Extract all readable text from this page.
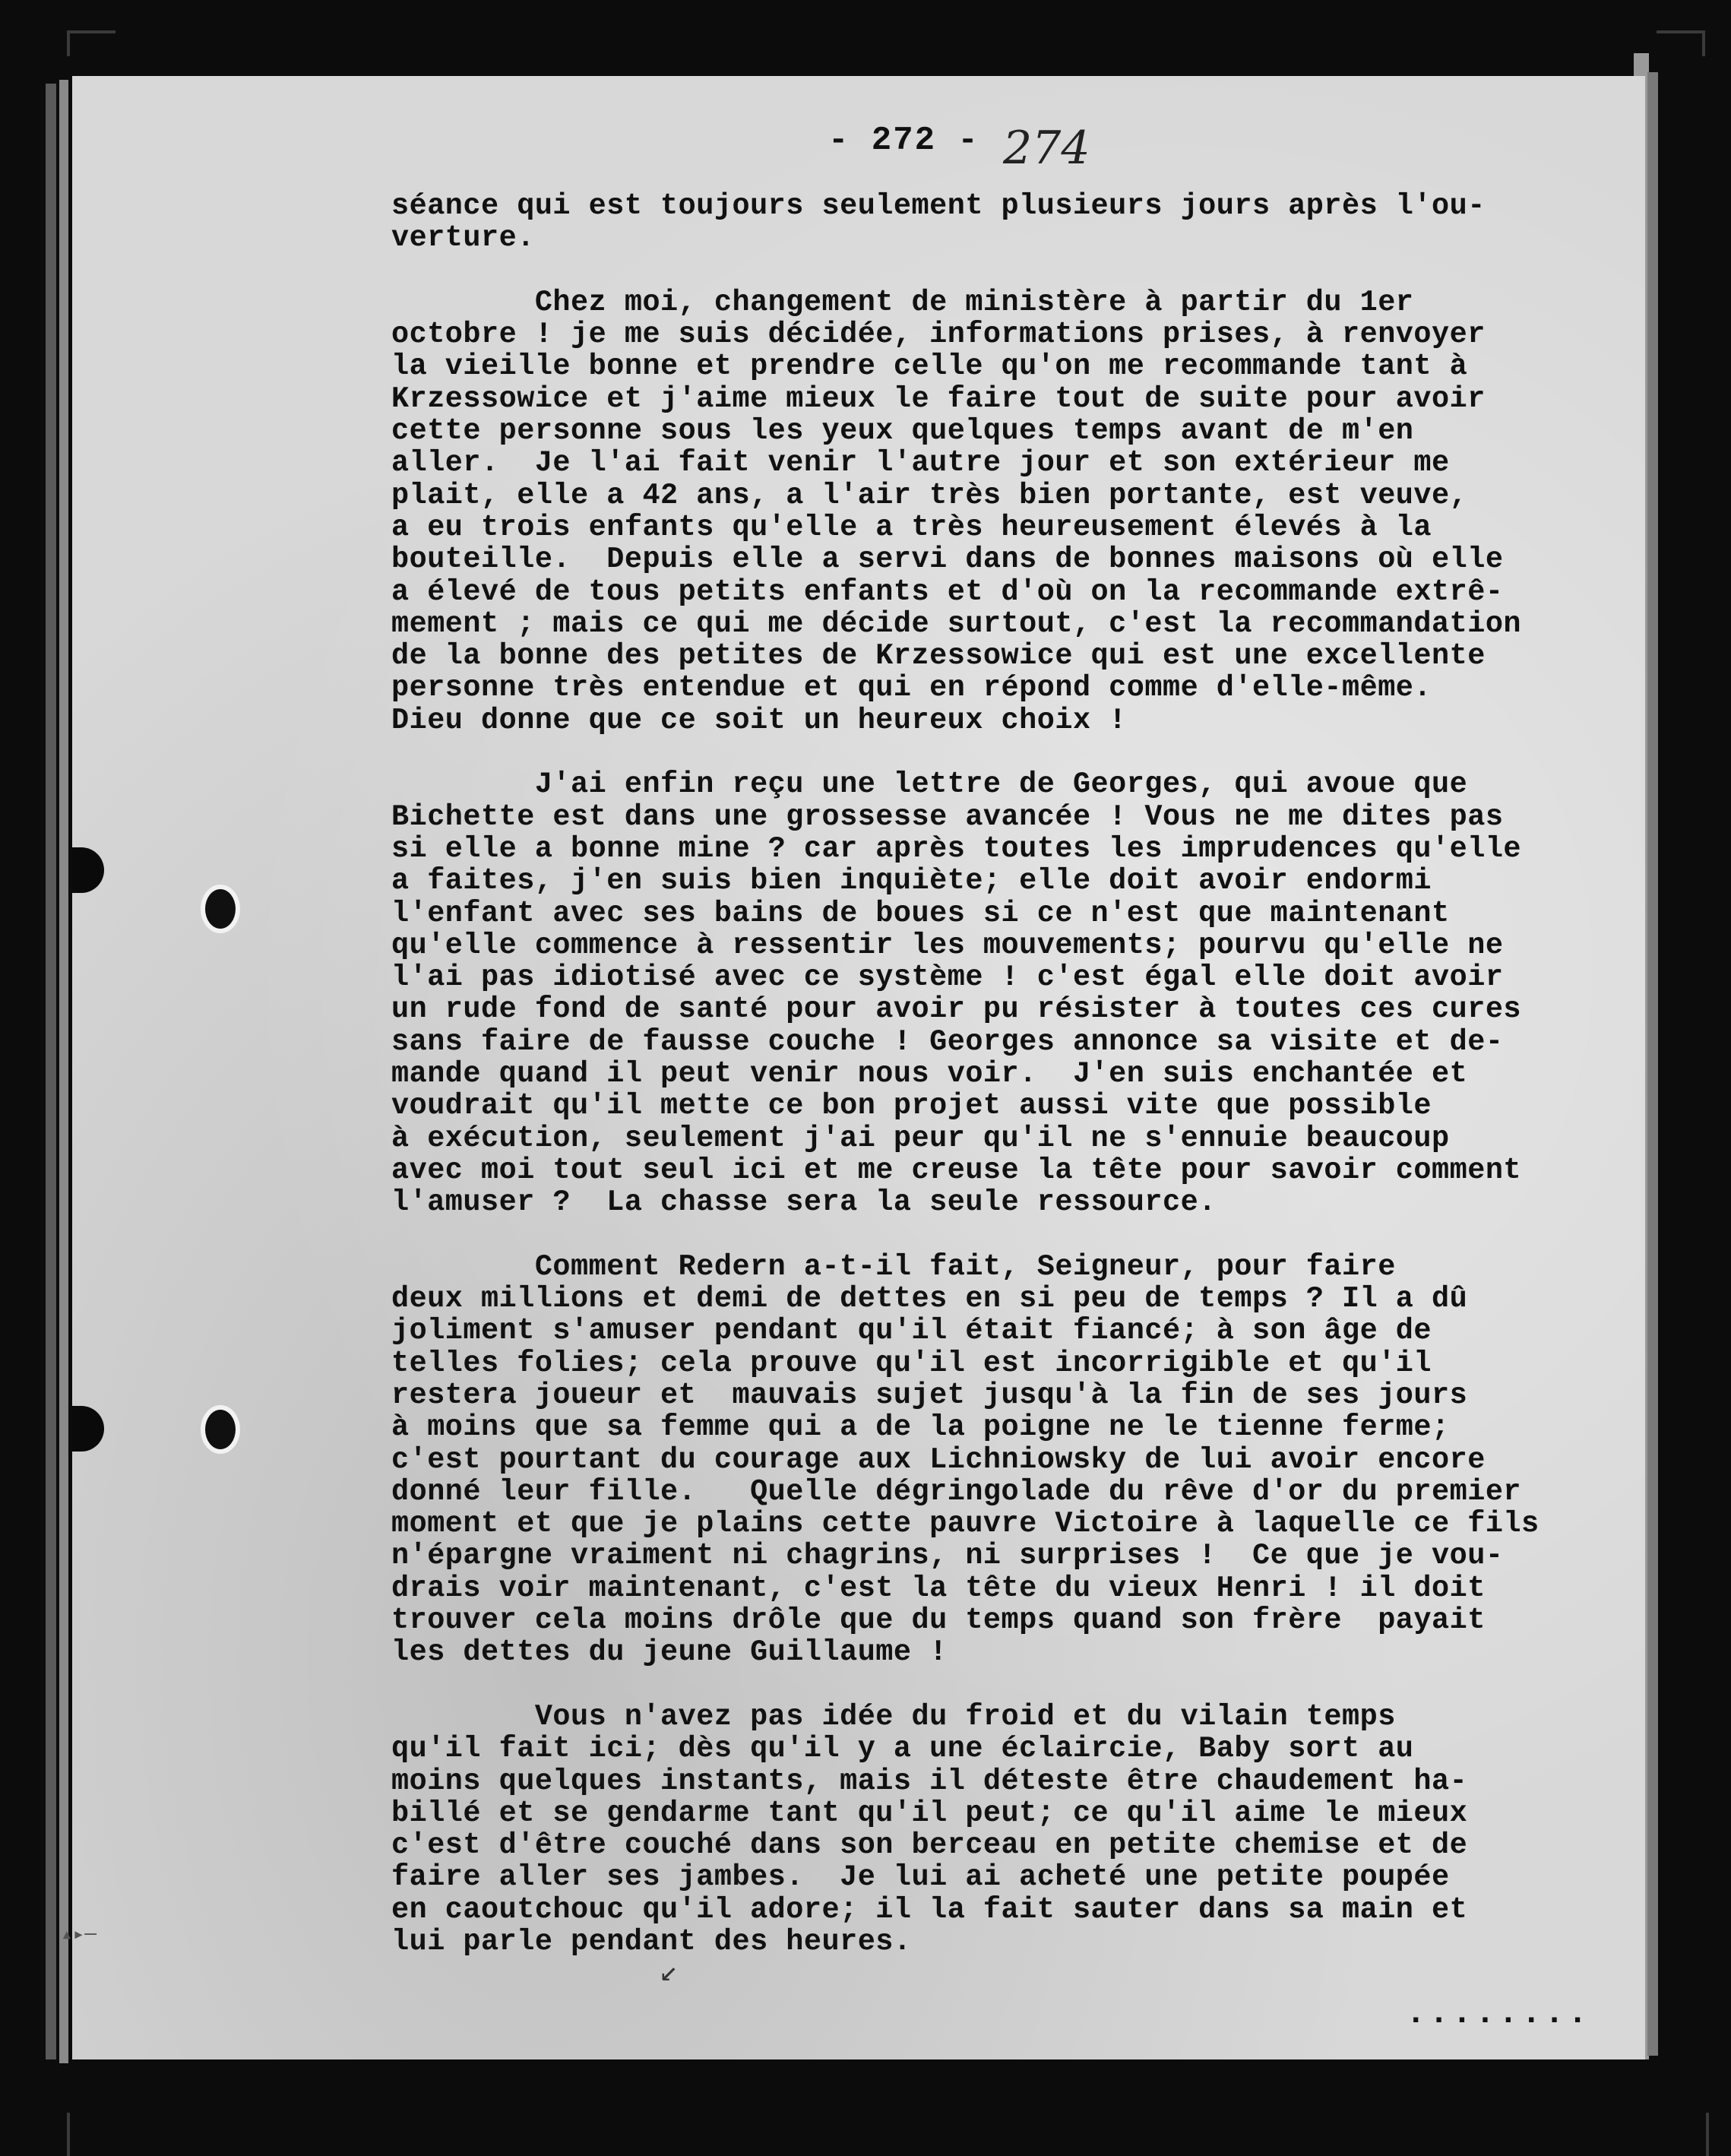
- 272 - 274
séance qui est toujours seulement plusieurs jours après l'ou-
verture.
Chez moi, changement de ministère à partir du 1er
octobre ! je me suis décidée, informations prises, à renvoyer
la vieille bonne et prendre celle qu'on me recommande tant à
Krzessowice et j'aime mieux le faire tout de suite pour avoir
cette personne sous les yeux quelques temps avant de m'en
aller.  Je l'ai fait venir l'autre jour et son extérieur me
plait, elle a 42 ans, a l'air très bien portante, est veuve,
a eu trois enfants qu'elle a très heureusement élevés à la
bouteille.  Depuis elle a servi dans de bonnes maisons où elle
a élevé de tous petits enfants et d'où on la recommande extrê-
mement ; mais ce qui me décide surtout, c'est la recommandation
de la bonne des petites de Krzessowice qui est une excellente
personne très entendue et qui en répond comme d'elle-même.
Dieu donne que ce soit un heureux choix !
J'ai enfin reçu une lettre de Georges, qui avoue que
Bichette est dans une grossesse avancée ! Vous ne me dites pas
si elle a bonne mine ? car après toutes les imprudences qu'elle
a faites, j'en suis bien inquiète; elle doit avoir endormi
l'enfant avec ses bains de boues si ce n'est que maintenant
qu'elle commence à ressentir les mouvements; pourvu qu'elle ne
l'ai pas idiotisé avec ce système ! c'est égal elle doit avoir
un rude fond de santé pour avoir pu résister à toutes ces cures
sans faire de fausse couche ! Georges annonce sa visite et de-
mande quand il peut venir nous voir.  J'en suis enchantée et
voudrait qu'il mette ce bon projet aussi vite que possible
à exécution, seulement j'ai peur qu'il ne s'ennuie beaucoup
avec moi tout seul ici et me creuse la tête pour savoir comment
l'amuser ?  La chasse sera la seule ressource.
Comment Redern a-t-il fait, Seigneur, pour faire
deux millions et demi de dettes en si peu de temps ? Il a dû
joliment s'amuser pendant qu'il était fiancé; à son âge de
telles folies; cela prouve qu'il est incorrigible et qu'il
restera joueur et  mauvais sujet jusqu'à la fin de ses jours
à moins que sa femme qui a de la poigne ne le tienne ferme;
c'est pourtant du courage aux Lichniowsky de lui avoir encore
donné leur fille.   Quelle dégringolade du rêve d'or du premier
moment et que je plains cette pauvre Victoire à laquelle ce fils
n'épargne vraiment ni chagrins, ni surprises !  Ce que je vou-
drais voir maintenant, c'est la tête du vieux Henri ! il doit
trouver cela moins drôle que du temps quand son frère  payait
les dettes du jeune Guillaume !
Vous n'avez pas idée du froid et du vilain temps
qu'il fait ici; dès qu'il y a une éclaircie, Baby sort au
moins quelques instants, mais il déteste être chaudement ha-
billé et se gendarme tant qu'il peut; ce qu'il aime le mieux
c'est d'être couché dans son berceau en petite chemise et de
faire aller ses jambes.  Je lui ai acheté une petite poupée
en caoutchouc qu'il adore; il la fait sauter dans sa main et
lui parle pendant des heures.
........
↙
▴▸─
